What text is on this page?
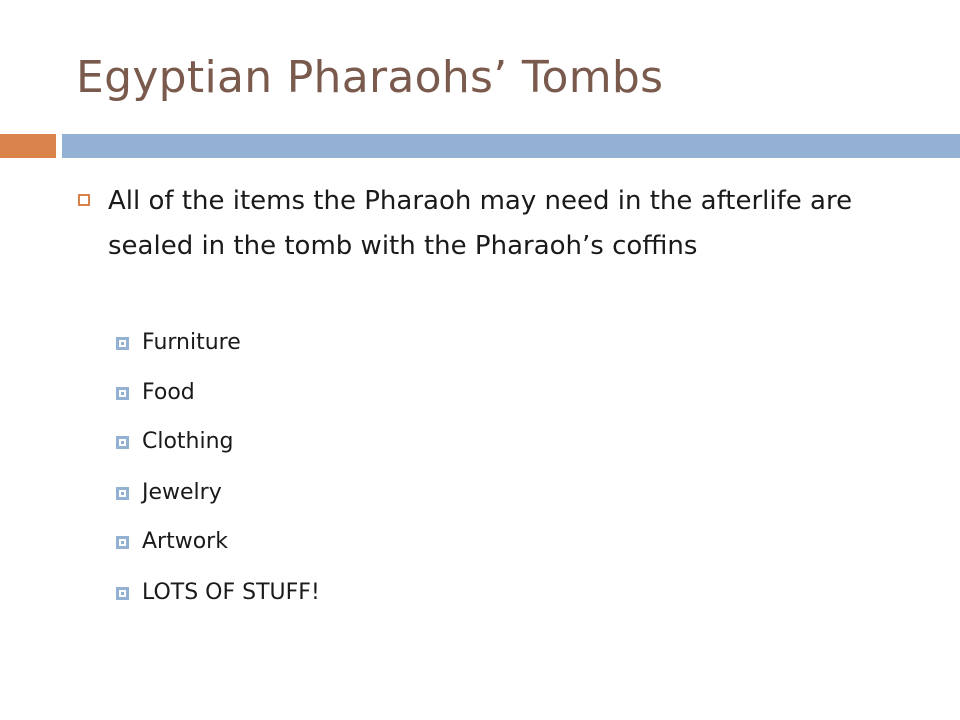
Egyptian Pharaohs’ Tombs
All of the items the Pharaoh may need in the afterlife are sealed in the tomb with the Pharaoh’s coffins
Furniture
Food
Clothing
Jewelry
Artwork
LOTS OF STUFF!
